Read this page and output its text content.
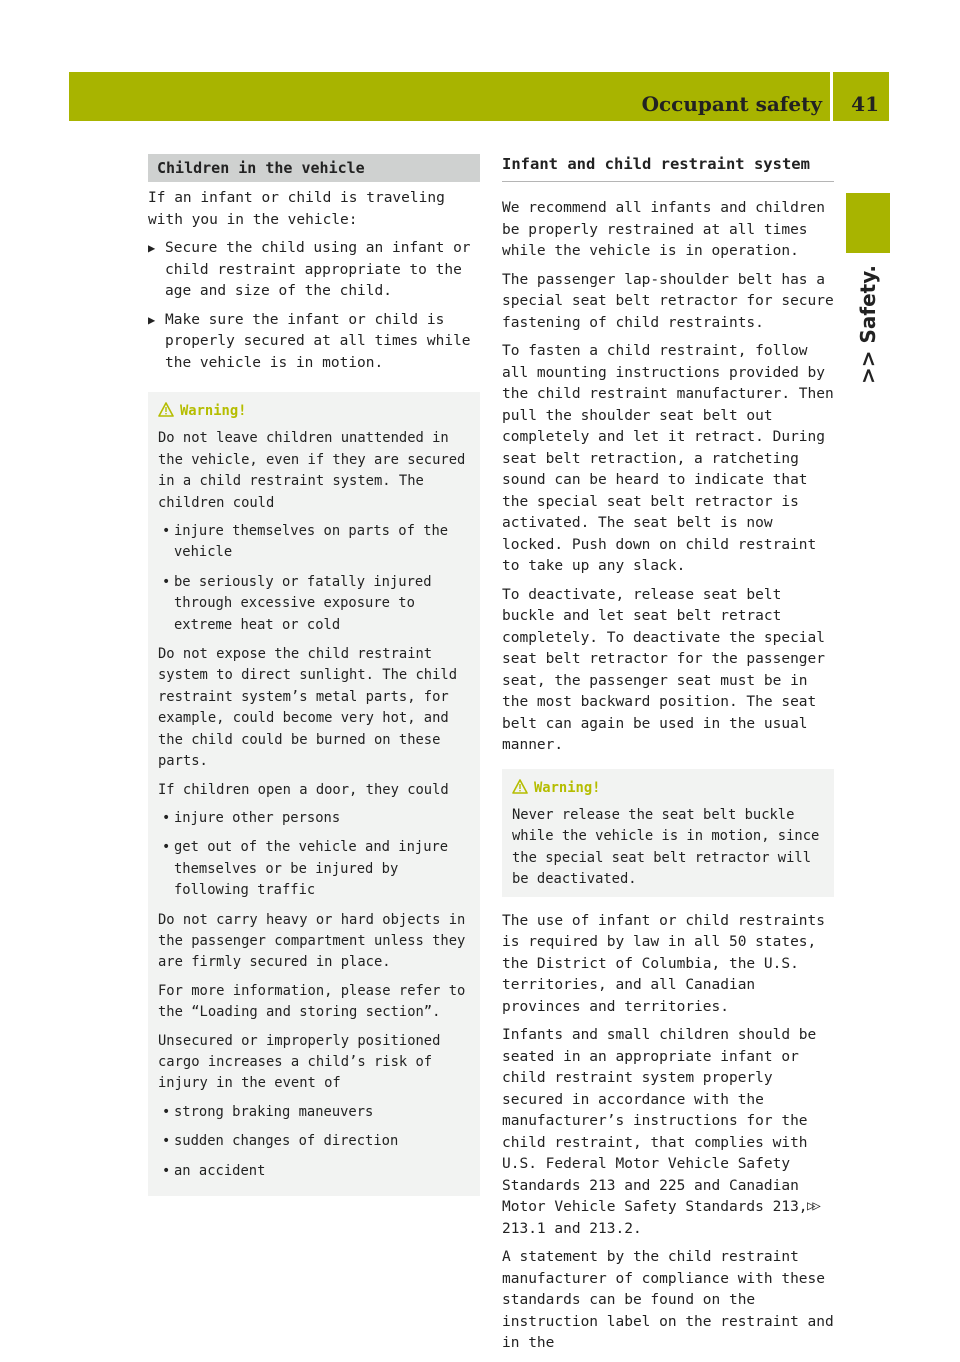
Occupant safety 41
>> Safety.
Children in the vehicle

If an infant or child is traveling with you in the vehicle:

▶ Secure the child using an infant or child restraint appropriate to the age and size of the child.
▶ Make sure the infant or child is properly secured at all times while the vehicle is in motion.
Warning!

Do not leave children unattended in the vehicle, even if they are secured in a child restraint system. The children could

• injure themselves on parts of the vehicle
• be seriously or fatally injured through excessive exposure to extreme heat or cold

Do not expose the child restraint system to direct sunlight. The child restraint system’s metal parts, for example, could become very hot, and the child could be burned on these parts.

If children open a door, they could

• injure other persons
• get out of the vehicle and injure themselves or be injured by following traffic

Do not carry heavy or hard objects in the passenger compartment unless they are firmly secured in place.

For more information, please refer to the “Loading and storing section”.

Unsecured or improperly positioned cargo increases a child’s risk of injury in the event of

• strong braking maneuvers
• sudden changes of direction
• an accident
Infant and child restraint system

We recommend all infants and children be properly restrained at all times while the vehicle is in operation.

The passenger lap-shoulder belt has a special seat belt retractor for secure fastening of child restraints.

To fasten a child restraint, follow all mounting instructions provided by the child restraint manufacturer. Then pull the shoulder seat belt out completely and let it retract. During seat belt retraction, a ratcheting sound can be heard to indicate that the special seat belt retractor is activated. The seat belt is now locked. Push down on child restraint to take up any slack.

To deactivate, release seat belt buckle and let seat belt retract completely. To deactivate the special seat belt retractor for the passenger seat, the passenger seat must be in the most backward position. The seat belt can again be used in the usual manner.

Warning!

Never release the seat belt buckle while the vehicle is in motion, since the special seat belt retractor will be deactivated.

The use of infant or child restraints is required by law in all 50 states, the District of Columbia, the U.S. territories, and all Canadian provinces and territories.

Infants and small children should be seated in an appropriate infant or child restraint system properly secured in accordance with the manufacturer’s instructions for the child restraint, that complies with U.S. Federal Motor Vehicle Safety Standards 213 and 225 and Canadian Motor Vehicle Safety Standards 213, 213.1 and 213.2.

A statement by the child restraint manufacturer of compliance with these standards can be found on the instruction label on the restraint and in the

▷▷
